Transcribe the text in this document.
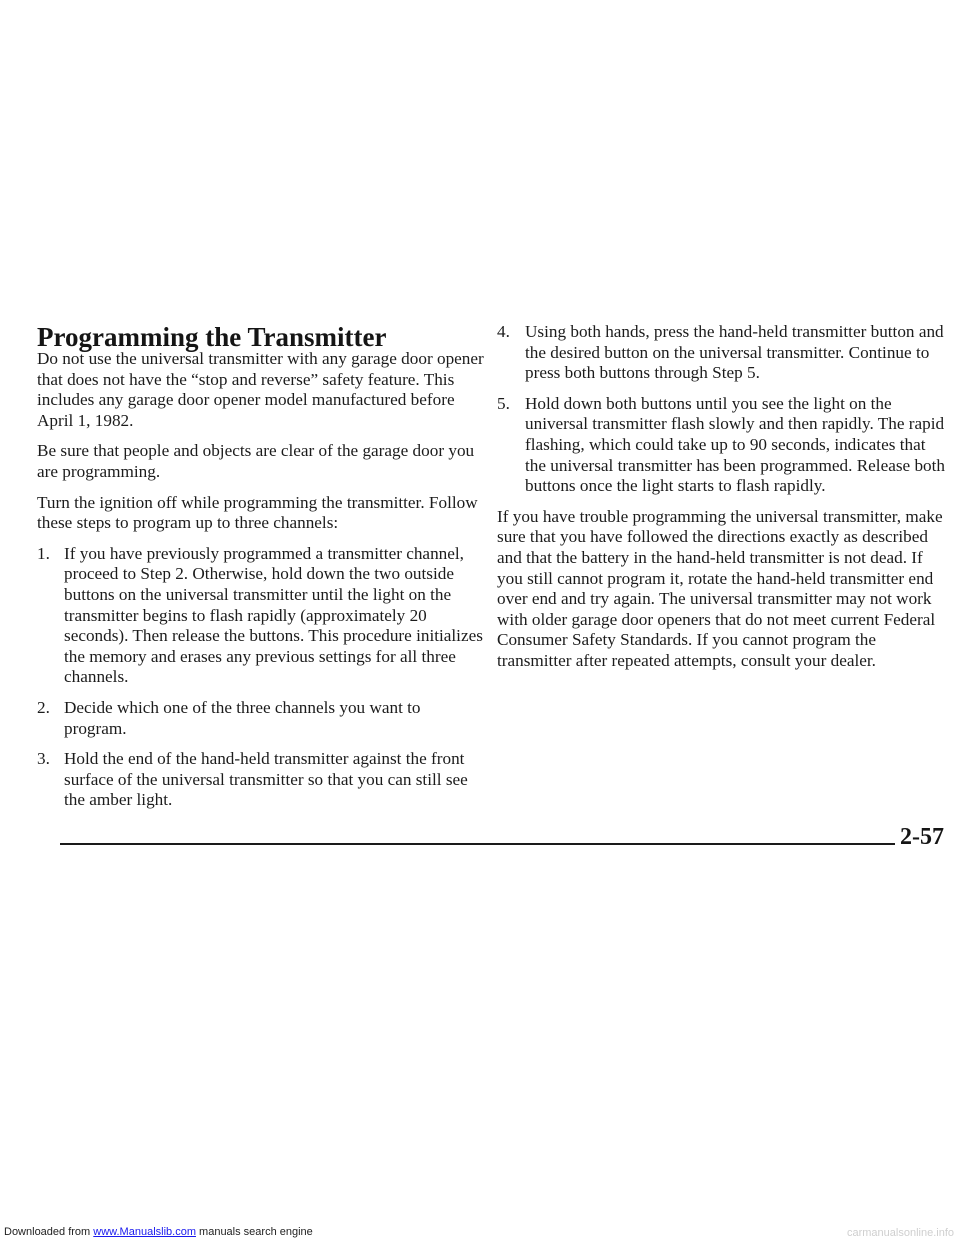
Programming the Transmitter

Do not use the universal transmitter with any garage door opener that does not have the “stop and reverse” safety feature. This includes any garage door opener model manufactured before April 1, 1982.

Be sure that people and objects are clear of the garage door you are programming.

Turn the ignition off while programming the transmitter. Follow these steps to program up to three channels:

1. If you have previously programmed a transmitter channel, proceed to Step 2. Otherwise, hold down the two outside buttons on the universal transmitter until the light on the transmitter begins to flash rapidly (approximately 20 seconds). Then release the buttons. This procedure initializes the memory and erases any previous settings for all three channels.
2. Decide which one of the three channels you want to program.
3. Hold the end of the hand-held transmitter against the front surface of the universal transmitter so that you can still see the amber light.
4. Using both hands, press the hand-held transmitter button and the desired button on the universal transmitter. Continue to press both buttons through Step 5.
5. Hold down both buttons until you see the light on the universal transmitter flash slowly and then rapidly. The rapid flashing, which could take up to 90 seconds, indicates that the universal transmitter has been programmed. Release both buttons once the light starts to flash rapidly.

If you have trouble programming the universal transmitter, make sure that you have followed the directions exactly as described and that the battery in the hand-held transmitter is not dead. If you still cannot program it, rotate the hand-held transmitter end over end and try again. The universal transmitter may not work with older garage door openers that do not meet current Federal Consumer Safety Standards. If you cannot program the transmitter after repeated attempts, consult your dealer.

2-57
Downloaded from www.Manualslib.com manuals search engine	carmanualsonline.info
